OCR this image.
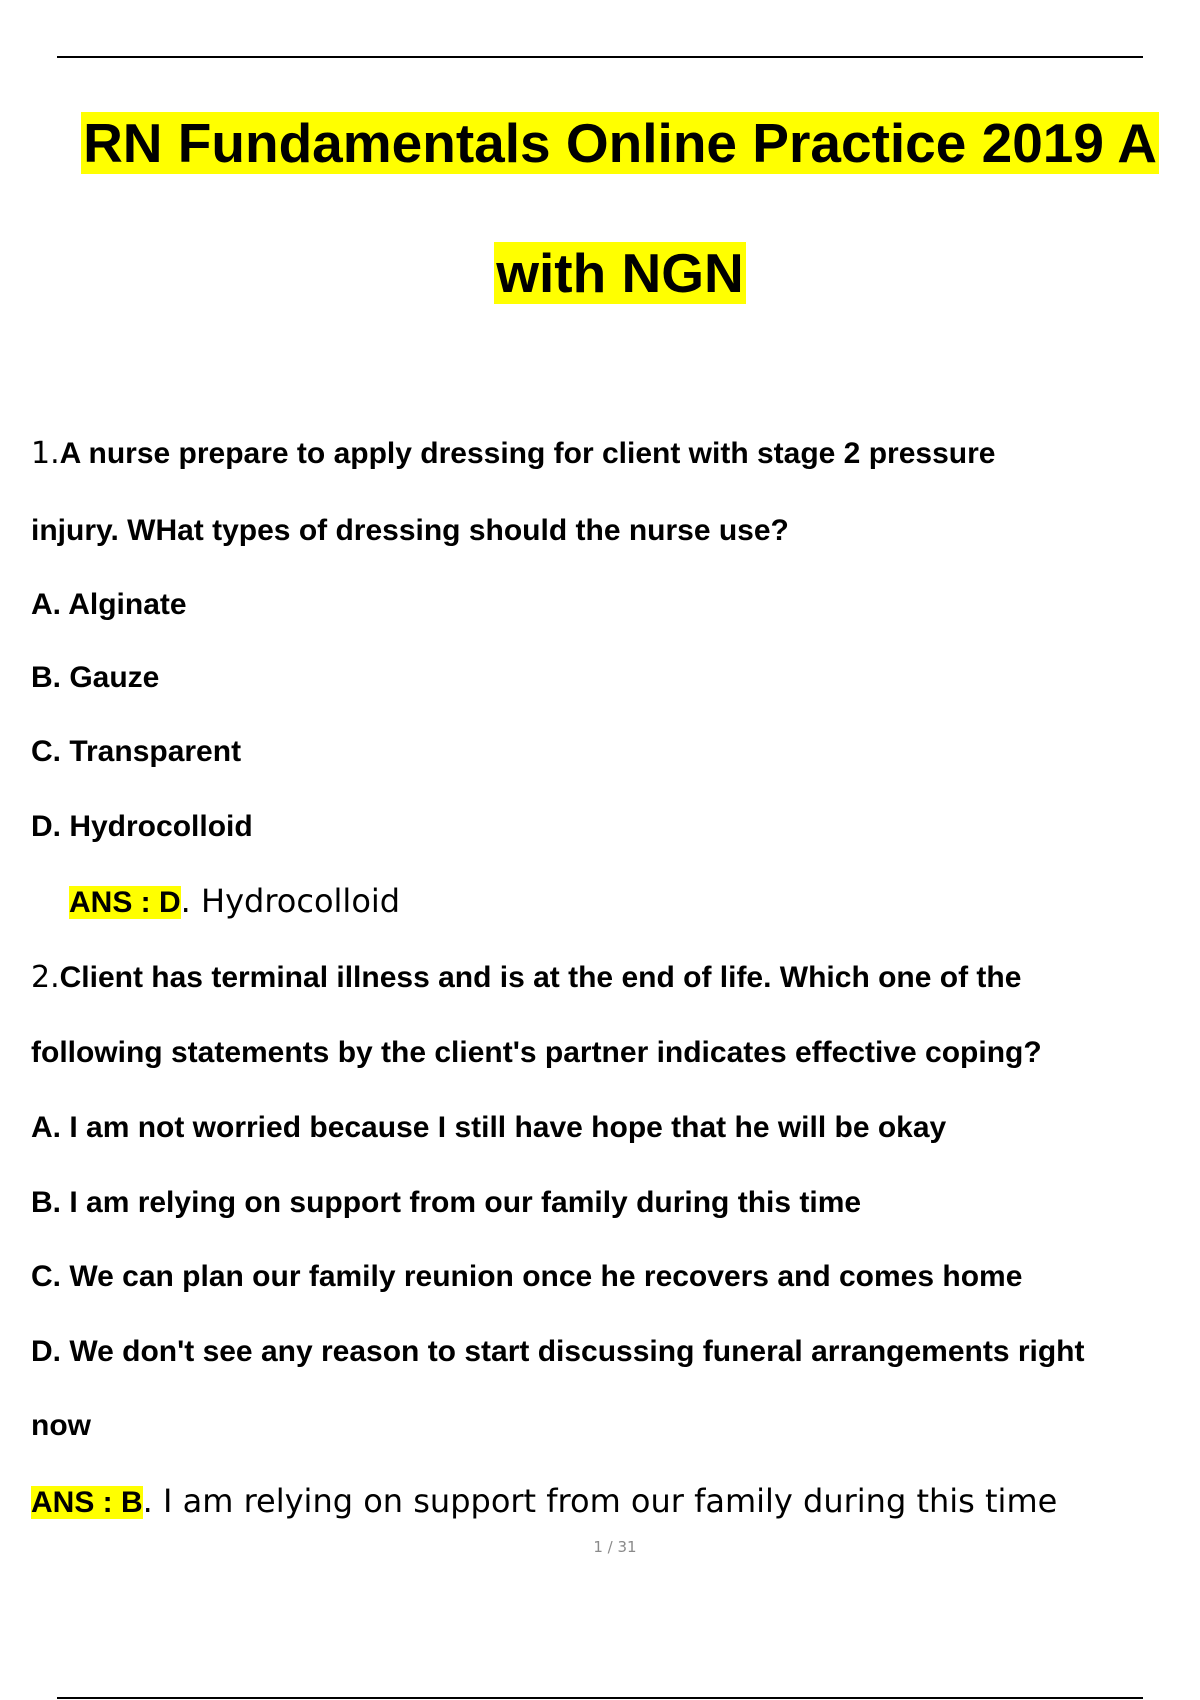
RN Fundamentals Online Practice 2019 A
with NGN
1.A nurse prepare to apply dressing for client with stage 2 pressure
injury. WHat types of dressing should the nurse use?
A. Alginate
B. Gauze
C. Transparent
D. Hydrocolloid
ANS : D. Hydrocolloid
2.Client has terminal illness and is at the end of life. Which one of the
following statements by the client's partner indicates effective coping?
A. I am not worried because I still have hope that he will be okay
B. I am relying on support from our family during this time
C. We can plan our family reunion once he recovers and comes home
D. We don't see any reason to start discussing funeral arrangements right
now
ANS : B. I am relying on support from our family during this time
1 / 31
